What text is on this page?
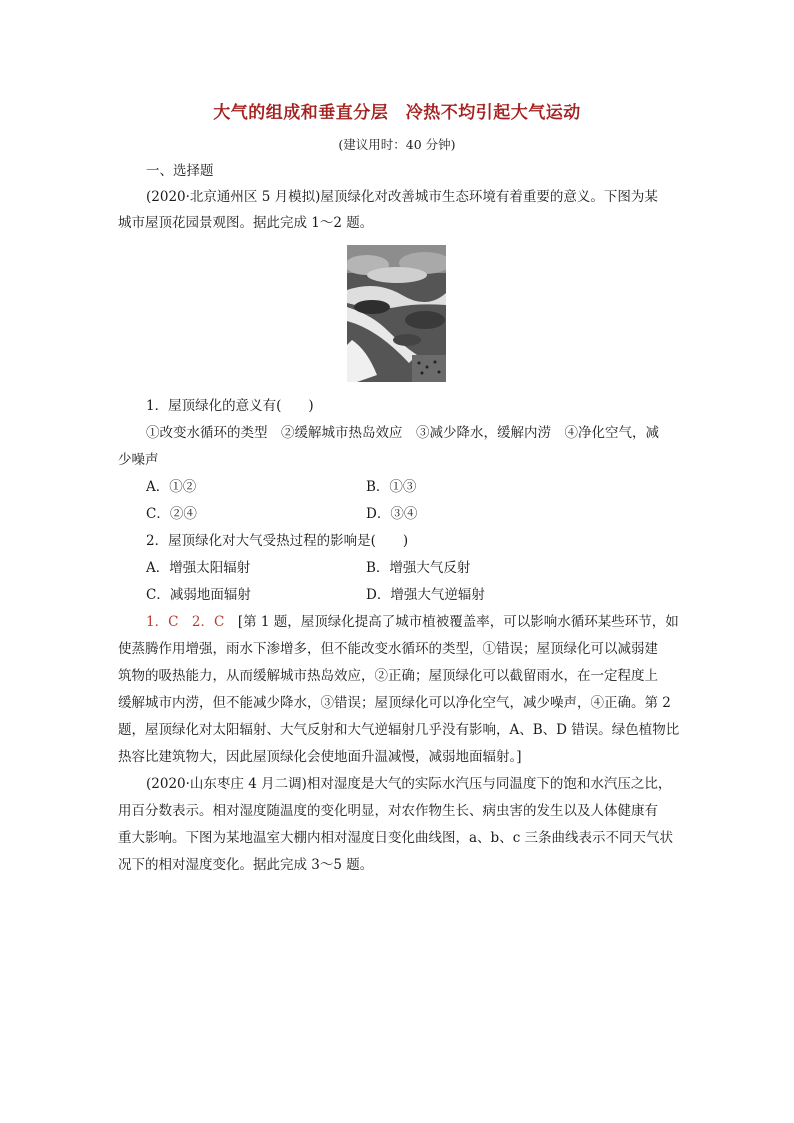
大气的组成和垂直分层　冷热不均引起大气运动
(建议用时：40 分钟)
一、选择题
(2020·北京通州区 5 月模拟)屋顶绿化对改善城市生态环境有着重要的意义。下图为某
城市屋顶花园景观图。据此完成 1～2 题。
1．屋顶绿化的意义有(　　)
①改变水循环的类型　②缓解城市热岛效应　③减少降水，缓解内涝　④净化空气，减
少噪声
A．①②	B．①③
C．②④	D．③④
2．屋顶绿化对大气受热过程的影响是(　　)
A．增强太阳辐射	B．增强大气反射
C．减弱地面辐射	D．增强大气逆辐射
1．C　2．C　 [第 1 题，屋顶绿化提高了城市植被覆盖率，可以影响水循环某些环节，如
使蒸腾作用增强，雨水下渗增多，但不能改变水循环的类型，①错误；屋顶绿化可以减弱建
筑物的吸热能力，从而缓解城市热岛效应，②正确；屋顶绿化可以截留雨水，在一定程度上
缓解城市内涝，但不能减少降水，③错误；屋顶绿化可以净化空气，减少噪声，④正确。第 2
题，屋顶绿化对太阳辐射、大气反射和大气逆辐射几乎没有影响，A、B、D 错误。绿色植物比
热容比建筑物大，因此屋顶绿化会使地面升温减慢，减弱地面辐射。]
(2020·山东枣庄 4 月二调)相对湿度是大气的实际水汽压与同温度下的饱和水汽压之比，
用百分数表示。相对湿度随温度的变化明显，对农作物生长、病虫害的发生以及人体健康有
重大影响。下图为某地温室大棚内相对湿度日变化曲线图，a、b、c 三条曲线表示不同天气状
况下的相对湿度变化。据此完成 3～5 题。
